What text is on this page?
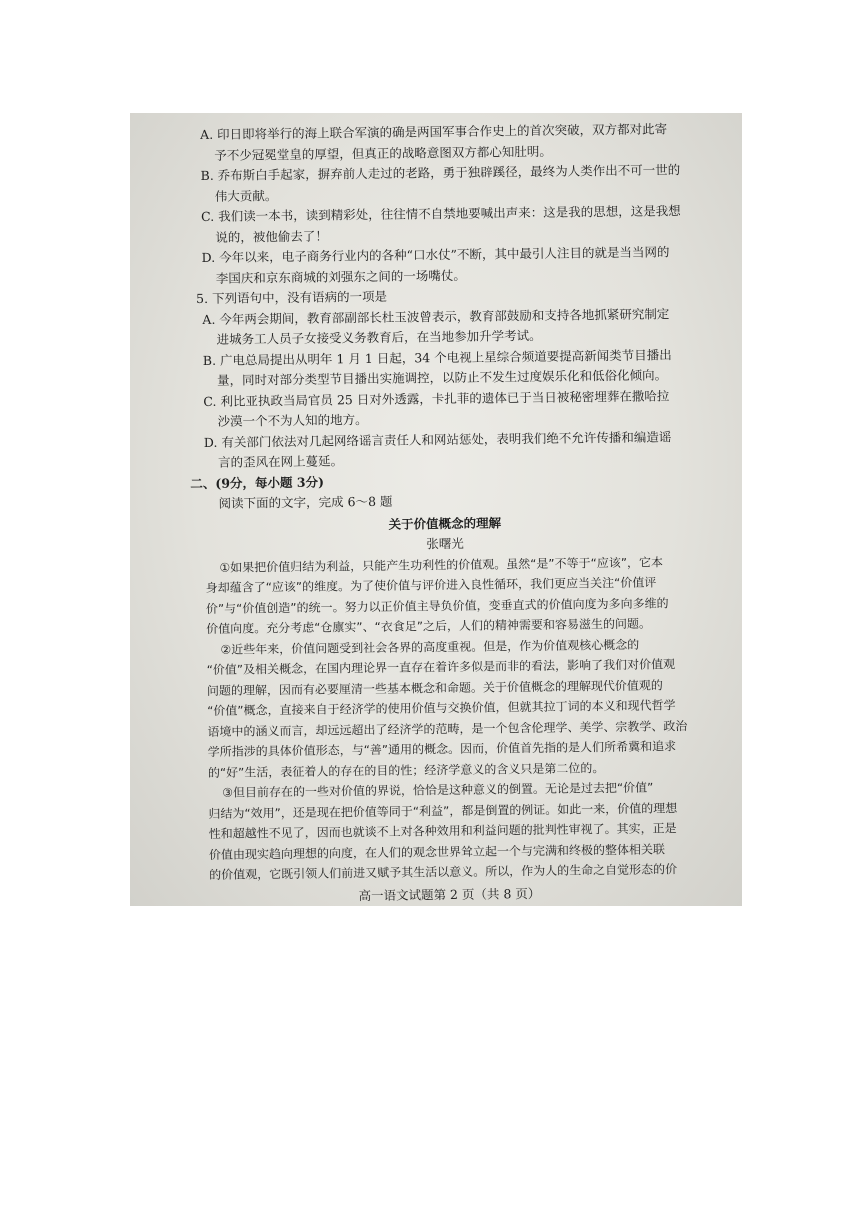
A. 印日即将举行的海上联合军演的确是两国军事合作史上的首次突破，双方都对此寄
予不少冠冕堂皇的厚望，但真正的战略意图双方都心知肚明。
B. 乔布斯白手起家，摒弃前人走过的老路，勇于独辟蹊径，最终为人类作出不可一世的
伟大贡献。
C. 我们读一本书，读到精彩处，往往情不自禁地要喊出声来：这是我的思想，这是我想
说的，被他偷去了！
D. 今年以来，电子商务行业内的各种“口水仗”不断，其中最引人注目的就是当当网的
李国庆和京东商城的刘强东之间的一场嘴仗。
5. 下列语句中，没有语病的一项是
A. 今年两会期间，教育部副部长杜玉波曾表示，教育部鼓励和支持各地抓紧研究制定
进城务工人员子女接受义务教育后，在当地参加升学考试。
B. 广电总局提出从明年 1 月 1 日起，34 个电视上星综合频道要提高新闻类节目播出
量，同时对部分类型节目播出实施调控，以防止不发生过度娱乐化和低俗化倾向。
C. 利比亚执政当局官员 25 日对外透露，卡扎菲的遗体已于当日被秘密埋葬在撒哈拉
沙漠一个不为人知的地方。
D. 有关部门依法对几起网络谣言责任人和网站惩处，表明我们绝不允许传播和编造谣
言的歪风在网上蔓延。
二、(9分，每小题 3分)
阅读下面的文字，完成 6～8 题
关于价值概念的理解
张曙光
①如果把价值归结为利益，只能产生功利性的价值观。虽然“是”不等于“应该”，它本
身却蕴含了“应该”的维度。为了使价值与评价进入良性循环，我们更应当关注“价值评
价”与“价值创造”的统一。努力以正价值主导负价值，变垂直式的价值向度为多向多维的
价值向度。充分考虑“仓廪实”、“衣食足”之后，人们的精神需要和容易滋生的问题。
②近些年来，价值问题受到社会各界的高度重视。但是，作为价值观核心概念的
“价值”及相关概念，在国内理论界一直存在着许多似是而非的看法，影响了我们对价值观
问题的理解，因而有必要厘清一些基本概念和命题。关于价值概念的理解现代价值观的
“价值”概念，直接来自于经济学的使用价值与交换价值，但就其拉丁词的本义和现代哲学
语境中的涵义而言，却远远超出了经济学的范畴，是一个包含伦理学、美学、宗教学、政治
学所指涉的具体价值形态，与“善”通用的概念。因而，价值首先指的是人们所希冀和追求
的“好”生活，表征着人的存在的目的性；经济学意义的含义只是第二位的。
③但目前存在的一些对价值的界说，恰恰是这种意义的倒置。无论是过去把“价值”
归结为“效用”，还是现在把价值等同于“利益”，都是倒置的例证。如此一来，价值的理想
性和超越性不见了，因而也就谈不上对各种效用和利益问题的批判性审视了。其实，正是
价值由现实趋向理想的向度，在人们的观念世界耸立起一个与完满和终极的整体相关联
的价值观，它既引领人们前进又赋予其生活以意义。所以，作为人的生命之自觉形态的价
高一语文试题第 2 页（共 8 页）
